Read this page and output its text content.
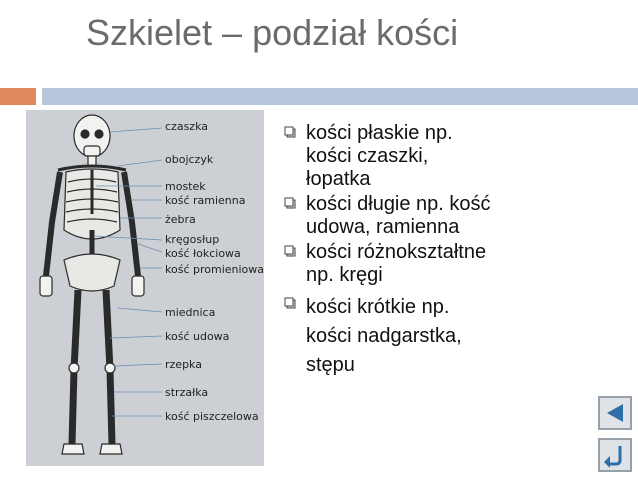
Szkielet – podział kości
czaszka
obojczyk
mostek
kość ramienna
żebra
kręgosłup
kość łokciowa
kość promieniowa
miednica
kość udowa
rzepka
strzałka
kość piszczelowa
kości płaskie np.
kości czaszki,
łopatka
kości długie np. kość
udowa, ramienna
kości różnokształtne
np. kręgi
kości krótkie np.
kości nadgarstka,
stępu
